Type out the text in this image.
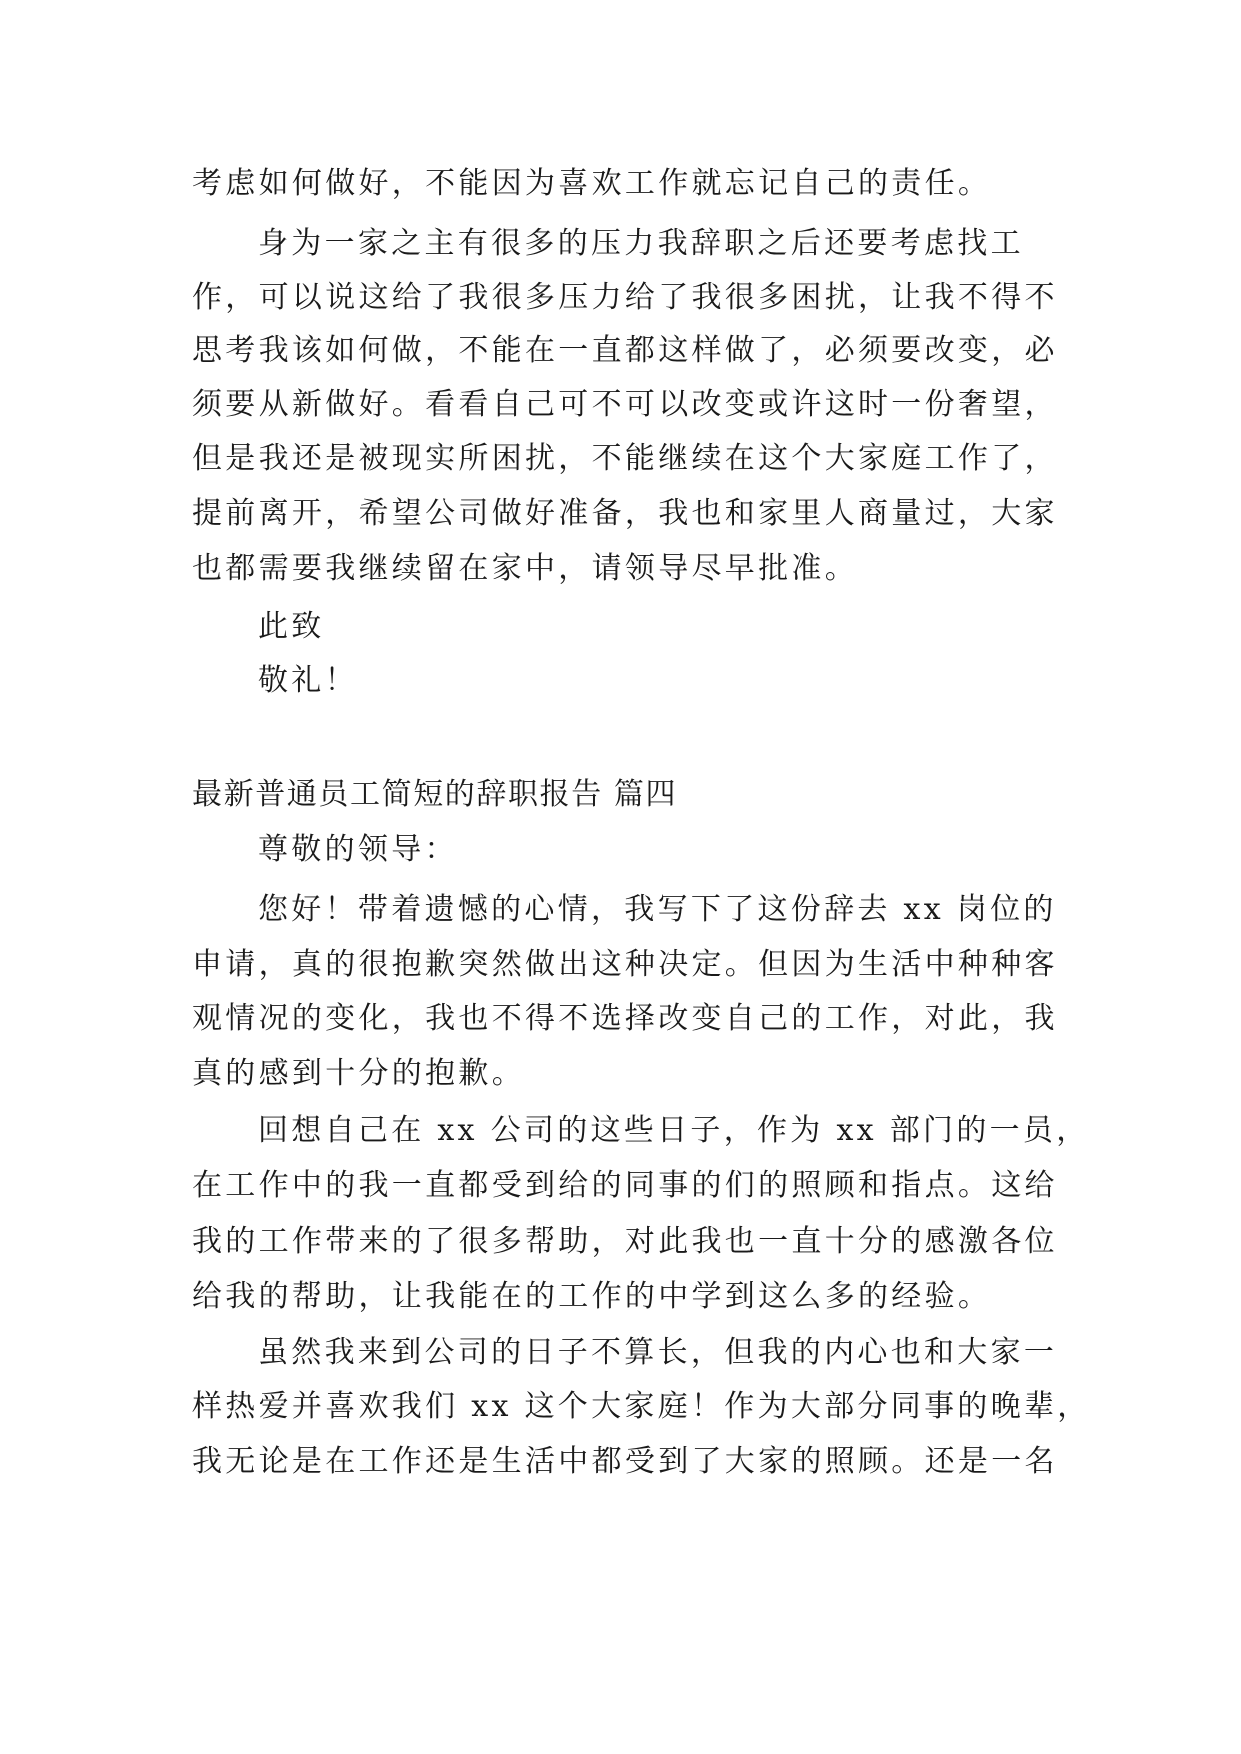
考虑如何做好，不能因为喜欢工作就忘记自己的责任。
身为一家之主有很多的压力我辞职之后还要考虑找工
作，可以说这给了我很多压力给了我很多困扰，让我不得不
思考我该如何做，不能在一直都这样做了，必须要改变，必
须要从新做好。看看自己可不可以改变或许这时一份奢望，
但是我还是被现实所困扰，不能继续在这个大家庭工作了，
提前离开，希望公司做好准备，我也和家里人商量过，大家
也都需要我继续留在家中，请领导尽早批准。
此致
敬礼！
最新普通员工简短的辞职报告 篇四
尊敬的领导：
您好！带着遗憾的心情，我写下了这份辞去 xx 岗位的
申请，真的很抱歉突然做出这种决定。但因为生活中种种客
观情况的变化，我也不得不选择改变自己的工作，对此，我
真的感到十分的抱歉。
回想自己在 xx 公司的这些日子，作为 xx 部门的一员，
在工作中的我一直都受到给的同事的们的照顾和指点。这给
我的工作带来的了很多帮助，对此我也一直十分的感激各位
给我的帮助，让我能在的工作的中学到这么多的经验。
虽然我来到公司的日子不算长，但我的内心也和大家一
样热爱并喜欢我们 xx 这个大家庭！作为大部分同事的晚辈，
我无论是在工作还是生活中都受到了大家的照顾。还是一名
